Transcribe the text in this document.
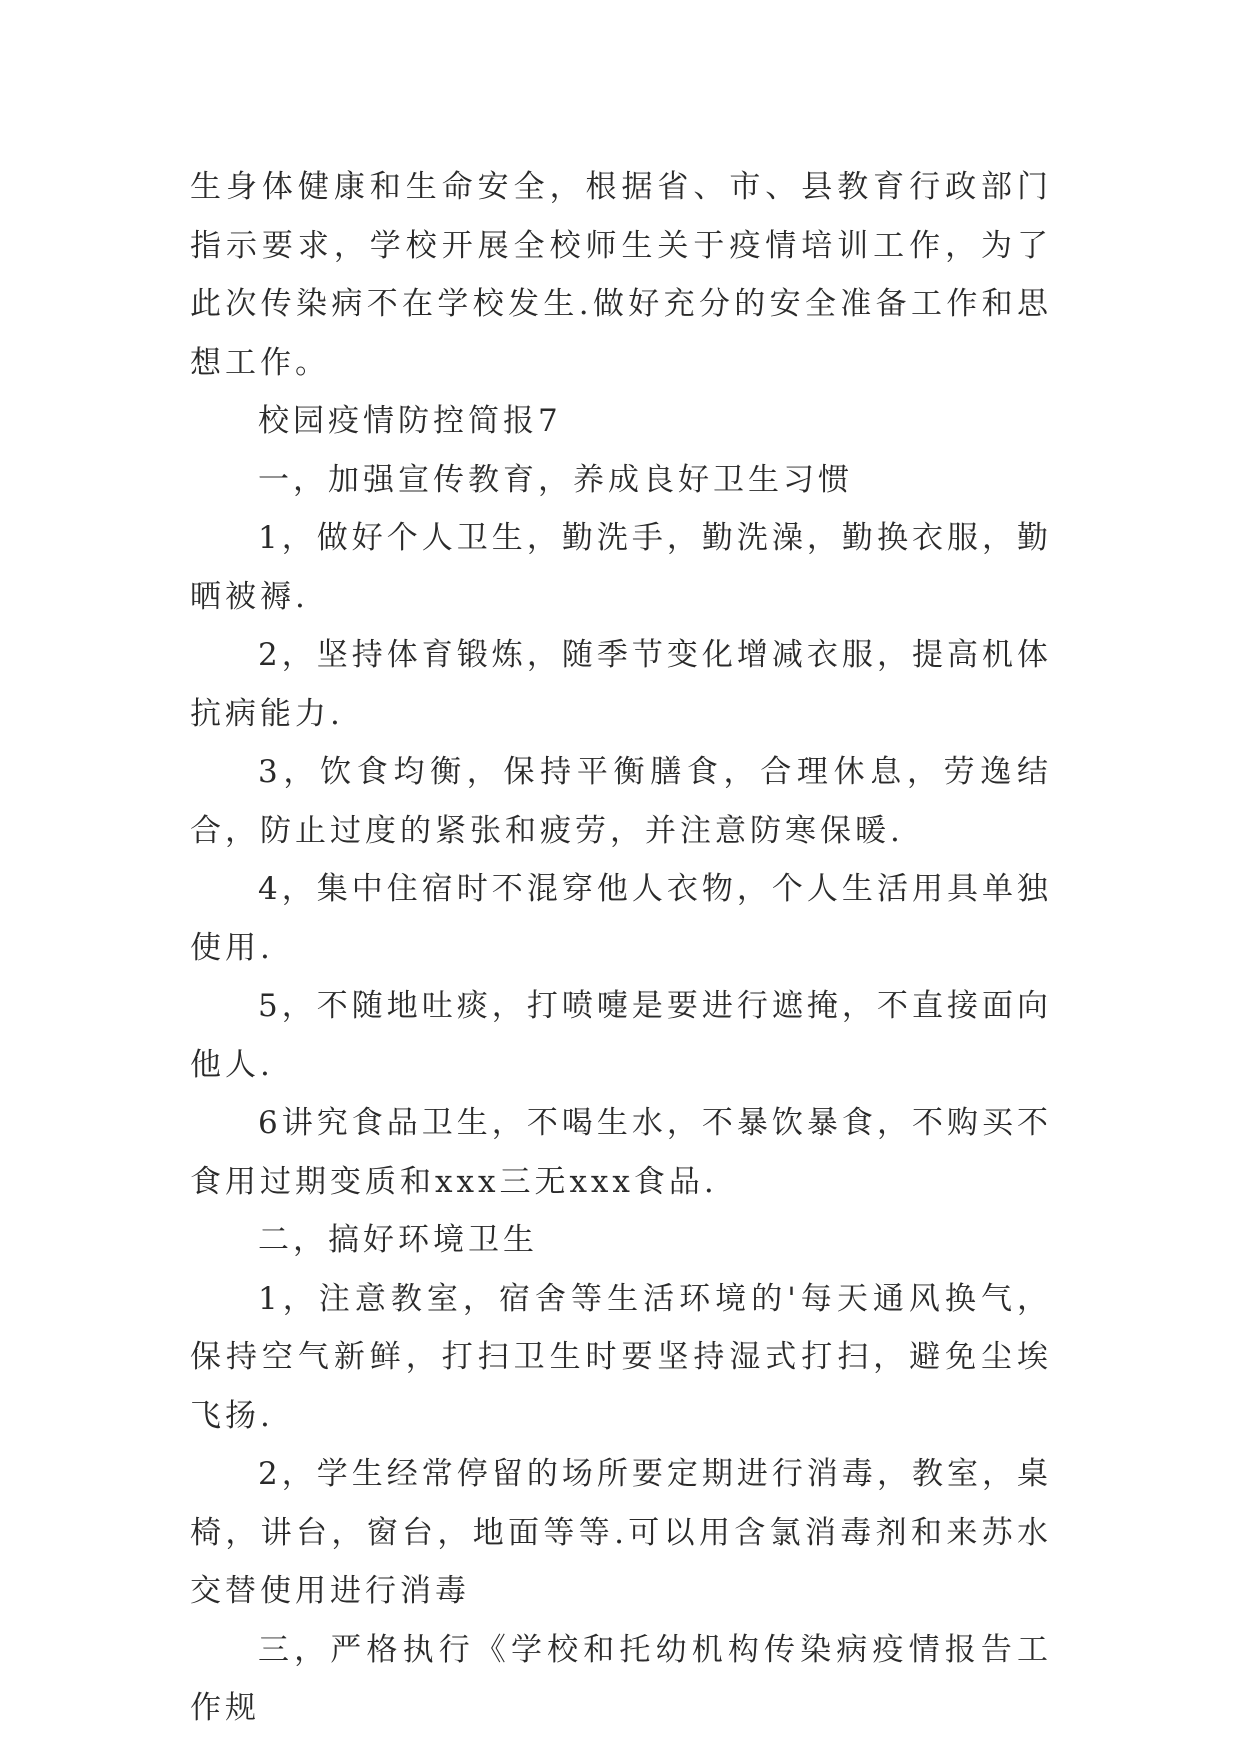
生身体健康和生命安全，根据省、市、县教育行政部门指示要求，学校开展全校师生关于疫情培训工作，为了此次传染病不在学校发生.做好充分的安全准备工作和思想工作。

校园疫情防控简报7

一，加强宣传教育，养成良好卫生习惯

1，做好个人卫生，勤洗手，勤洗澡，勤换衣服，勤晒被褥.

2，坚持体育锻炼，随季节变化增减衣服，提高机体抗病能力.

3，饮食均衡，保持平衡膳食，合理休息，劳逸结合，防止过度的紧张和疲劳，并注意防寒保暖.

4，集中住宿时不混穿他人衣物，个人生活用具单独使用.

5，不随地吐痰，打喷嚏是要进行遮掩，不直接面向他人.

6讲究食品卫生，不喝生水，不暴饮暴食，不购买不食用过期变质和xxx三无xxx食品.

二，搞好环境卫生

1，注意教室，宿舍等生活环境的'每天通风换气，保持空气新鲜，打扫卫生时要坚持湿式打扫，避免尘埃飞扬.

2，学生经常停留的场所要定期进行消毒，教室，桌椅，讲台，窗台，地面等等.可以用含氯消毒剂和来苏水交替使用进行消毒

三，严格执行《学校和托幼机构传染病疫情报告工作规
